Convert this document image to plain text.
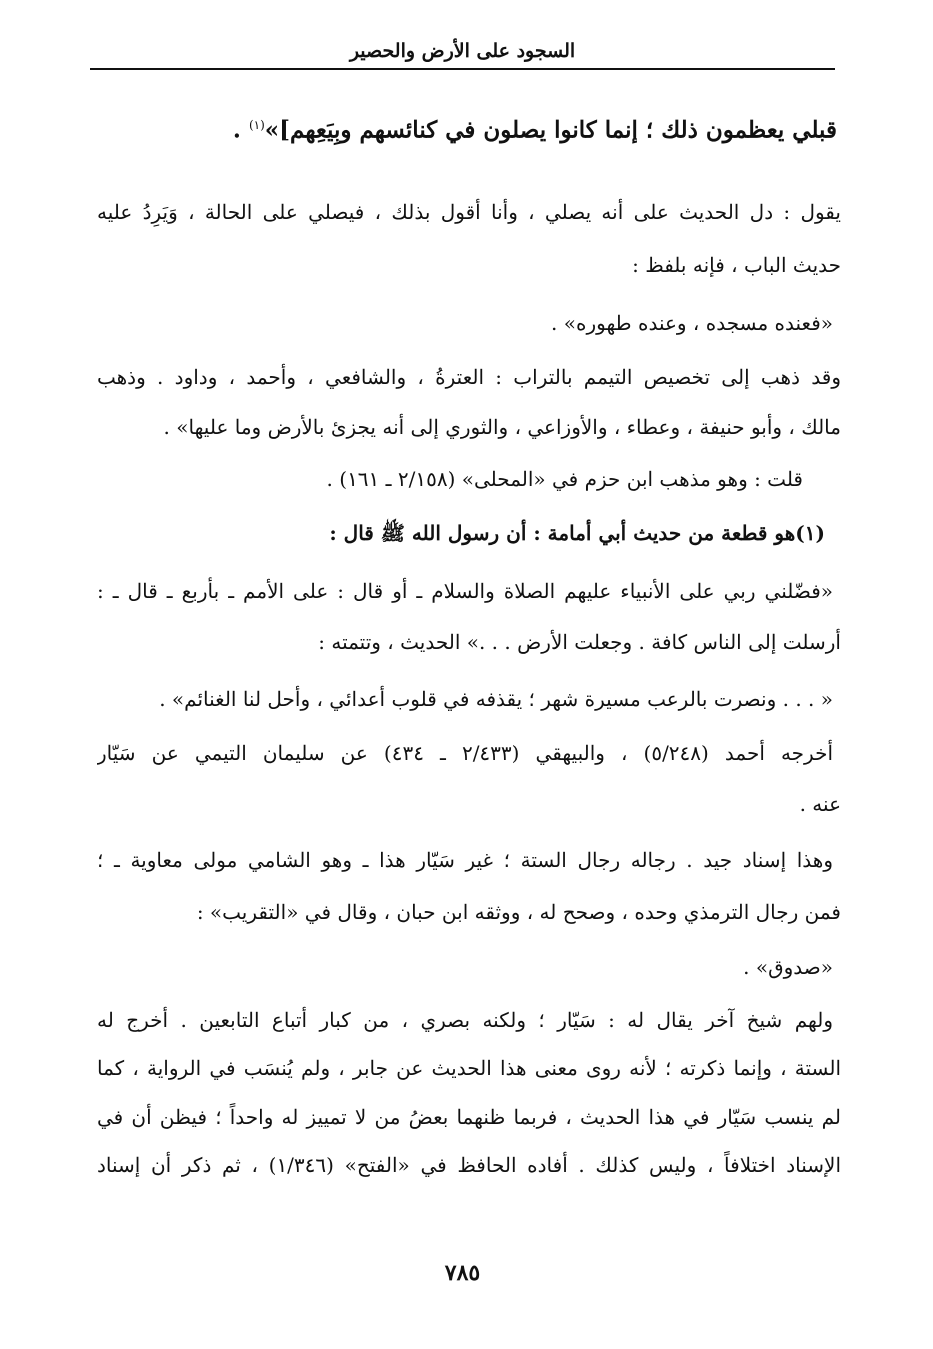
السجود على الأرض والحصير
قبلي يعظمون ذلك ؛ إنما كانوا يصلون في كنائسهم وبِيَعِهم]»$^{(١)}$ .
يقول : دل الحديث على أنه يصلي ، وأنا أقول بذلك ، فيصلي على الحالة ، وَيَرِدُ عليه
حديث الباب ، فإنه بلفظ :
«فعنده مسجده ، وعنده طهوره» .
وقد ذهب إلى تخصيص التيمم بالتراب : العترةُ ، والشافعي ، وأحمد ، وداود . وذهب
مالك ، وأبو حنيفة ، وعطاء ، والأوزاعي ، والثوري إلى أنه يجزئ بالأرض وما عليها» .
قلت : وهو مذهب ابن حزم في «المحلى» (٢/١٥٨ ـ ١٦١) .
(١)هو قطعة من حديث أبي أمامة : أن رسول الله ﷺ قال :
«فضّلني ربي على الأنبياء عليهم الصلاة والسلام ـ أو قال : على الأمم ـ بأربع ـ قال ـ :
أرسلت إلى الناس كافة . وجعلت الأرض . . .» الحديث ، وتتمته :
« . . . ونصرت بالرعب مسيرة شهر ؛ يقذفه في قلوب أعدائي ، وأحل لنا الغنائم» .
أخرجه أحمد (٥/٢٤٨) ، والبيهقي (٢/٤٣٣ ـ ٤٣٤) عن سليمان التيمي عن سَيّار
عنه .
وهذا إسناد جيد . رجاله رجال الستة ؛ غير سَيّار هذا ـ وهو الشامي مولى معاوية ـ ؛
فمن رجال الترمذي وحده ، وصحح له ، ووثقه ابن حبان ، وقال في «التقريب» :
«صدوق» .
ولهم شيخ آخر يقال له : سَيّار ؛ ولكنه بصري ، من كبار أتباع التابعين . أخرج له
الستة ، وإنما ذكرته ؛ لأنه روى معنى هذا الحديث عن جابر ، ولم يُنسَب في الرواية ، كما
لم ينسب سَيّار في هذا الحديث ، فربما ظنهما بعضُ من لا تمييز له واحداً ؛ فيظن أن في
الإسناد اختلافاً ، وليس كذلك . أفاده الحافظ في «الفتح» (١/٣٤٦) ، ثم ذكر أن إسناد
٧٨٥
